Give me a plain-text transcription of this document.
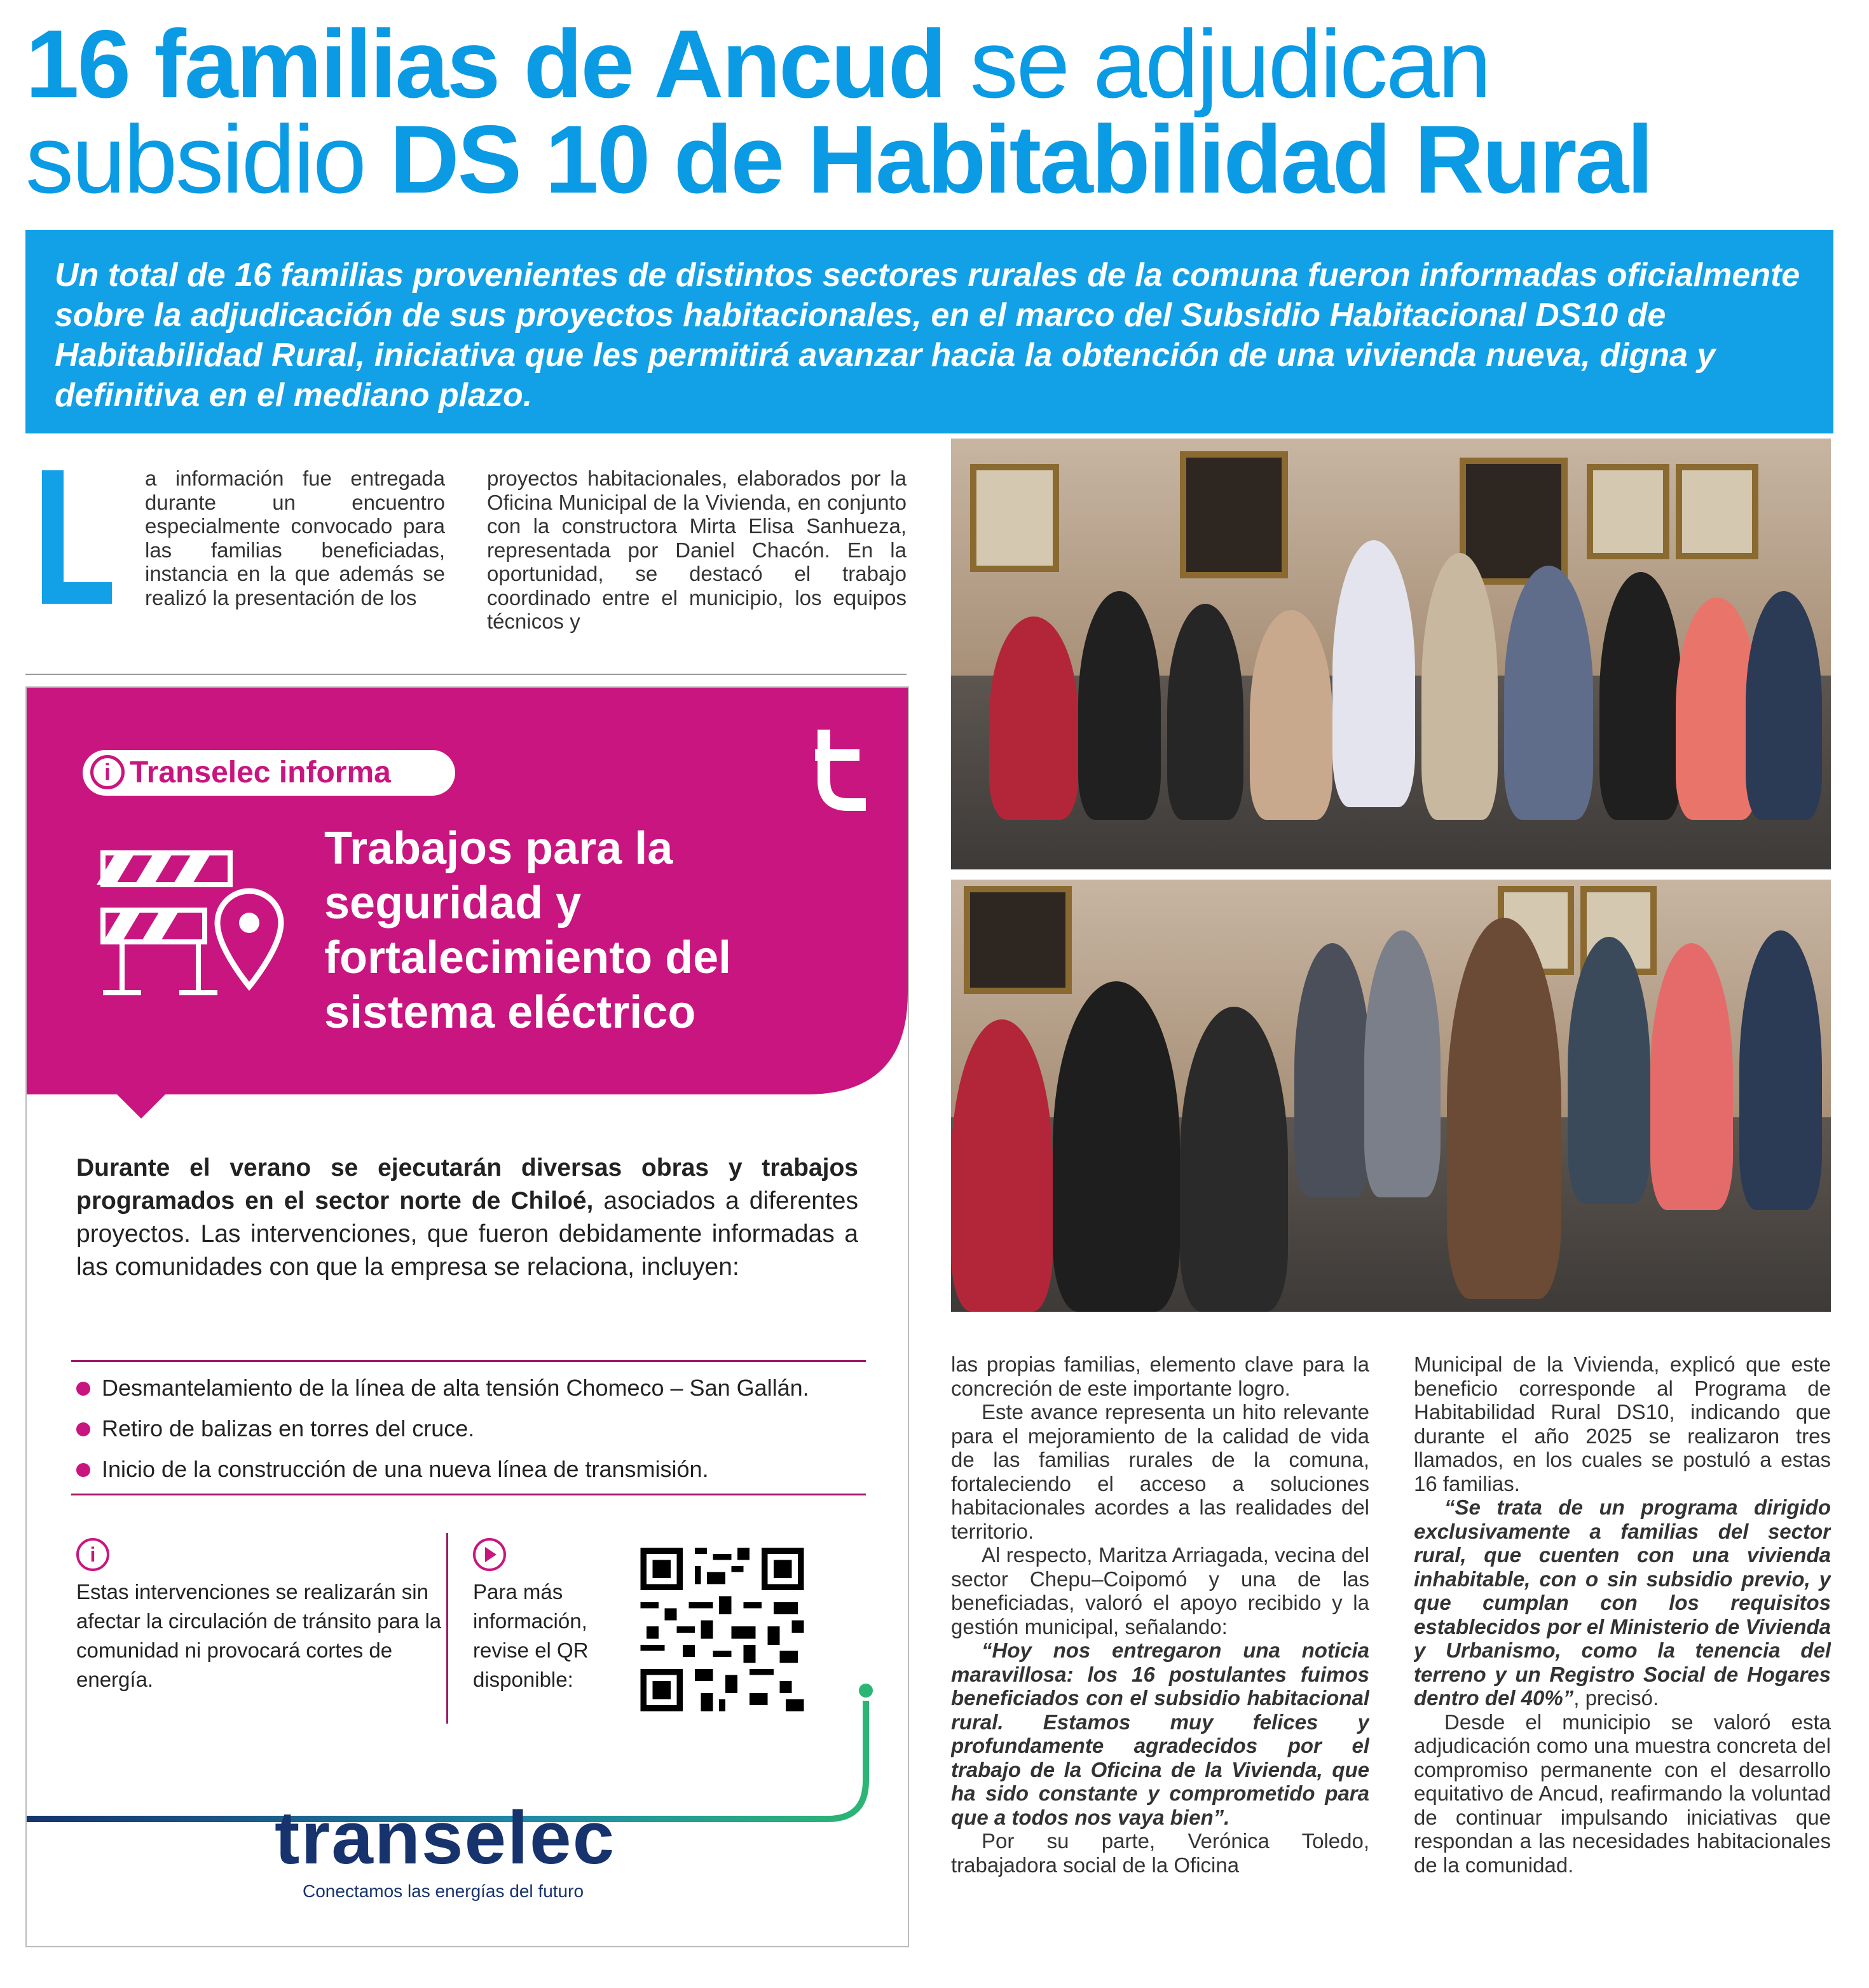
16 familias de Ancud se adjudican
subsidio DS 10 de Habitabilidad Rural

Un total de 16 familias provenientes de distintos sectores rurales de la comuna fueron informadas oficialmente sobre la adjudicación de sus proyectos habitacionales, en el marco del Subsidio Habitacional DS10 de Habitabilidad Rural, iniciativa que les permitirá avanzar hacia la obtención de una vivienda nueva, digna y definitiva en el mediano plazo.

a información fue entregada durante un encuentro especialmente convocado para las familias beneficiadas, instancia en la que además se realizó la presentación de los

proyectos habitacionales, elaborados por la Oficina Municipal de la Vivienda, en conjunto con la constructora Mirta Elisa Sanhueza, representada por Daniel Chacón. En la oportunidad, se destacó el trabajo coordinado entre el municipio, los equipos técnicos y

las propias familias, elemento clave para la concreción de este importante logro.

Este avance representa un hito relevante para el mejoramiento de la calidad de vida de las familias rurales de la comuna, fortaleciendo el acceso a soluciones habitacionales acordes a las realidades del territorio.

Al respecto, Maritza Arriagada, vecina del sector Chepu–Coipomó y una de las beneficiadas, valoró el apoyo recibido y la gestión municipal, señalando:

“Hoy nos entregaron una noticia maravillosa: los 16 postulantes fuimos beneficiados con el subsidio habitacional rural. Estamos muy felices y profundamente agradecidos por el trabajo de la Oficina de la Vivienda, que ha sido constante y comprometido para que a todos nos vaya bien”.

Por su parte, Verónica Toledo, trabajadora social de la Oficina

Municipal de la Vivienda, explicó que este beneficio corresponde al Programa de Habitabilidad Rural DS10, indicando que durante el año 2025 se realizaron tres llamados, en los cuales se postuló a estas 16 familias.

“Se trata de un programa dirigido exclusivamente a familias del sector rural, que cuenten con una vivienda inhabitable, con o sin subsidio previo, y que cumplan con los requisitos establecidos por el Ministerio de Vivienda y Urbanismo, como la tenencia del terreno y un Registro Social de Hogares dentro del 40%”, precisó.

Desde el municipio se valoró esta adjudicación como una muestra concreta del compromiso permanente con el desarrollo equitativo de Ancud, reafirmando la voluntad de continuar impulsando iniciativas que respondan a las necesidades habitacionales de la comunidad.

i Transelec informa
Trabajos para la
seguridad y
fortalecimiento del
sistema eléctrico
Durante el verano se ejecutarán diversas obras y trabajos programados en el sector norte de Chiloé, asociados a diferentes proyectos. Las intervenciones, que fueron debidamente informadas a las comunidades con que la empresa se relaciona, incluyen:
Desmantelamiento de la línea de alta tensión Chomeco – San Gallán.
Retiro de balizas en torres del cruce.
Inicio de la construcción de una nueva línea de transmisión.
i
Estas intervenciones se realizarán sin afectar la circulación de tránsito para la comunidad ni provocará cortes de energía.
Para más información, revise el QR disponible:
transelec
Conectamos las energías del futuro
